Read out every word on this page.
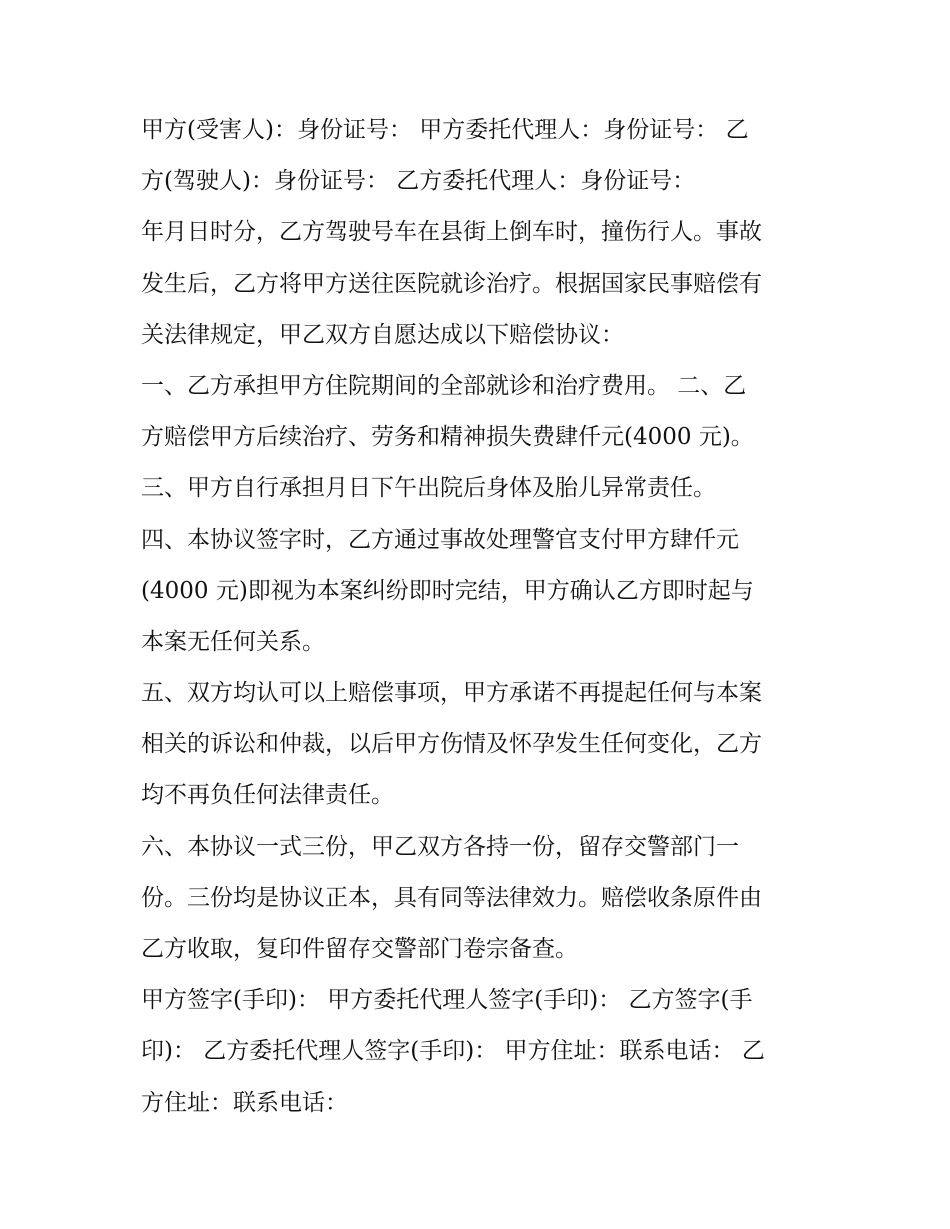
甲方(受害人)：身份证号： 甲方委托代理人：身份证号： 乙
方(驾驶人)：身份证号： 乙方委托代理人：身份证号：
年月日时分，乙方驾驶号车在县街上倒车时，撞伤行人。事故
发生后，乙方将甲方送往医院就诊治疗。根据国家民事赔偿有
关法律规定，甲乙双方自愿达成以下赔偿协议：
一、乙方承担甲方住院期间的全部就诊和治疗费用。 二、乙
方赔偿甲方后续治疗、劳务和精神损失费肆仟元(4000 元)。
三、甲方自行承担月日下午出院后身体及胎儿异常责任。
四、本协议签字时，乙方通过事故处理警官支付甲方肆仟元
(4000 元)即视为本案纠纷即时完结，甲方确认乙方即时起与
本案无任何关系。
五、双方均认可以上赔偿事项，甲方承诺不再提起任何与本案
相关的诉讼和仲裁，以后甲方伤情及怀孕发生任何变化，乙方
均不再负任何法律责任。
六、本协议一式三份，甲乙双方各持一份，留存交警部门一
份。三份均是协议正本，具有同等法律效力。赔偿收条原件由
乙方收取，复印件留存交警部门卷宗备查。
甲方签字(手印)： 甲方委托代理人签字(手印)： 乙方签字(手
印)： 乙方委托代理人签字(手印)： 甲方住址：联系电话： 乙
方住址：联系电话：
